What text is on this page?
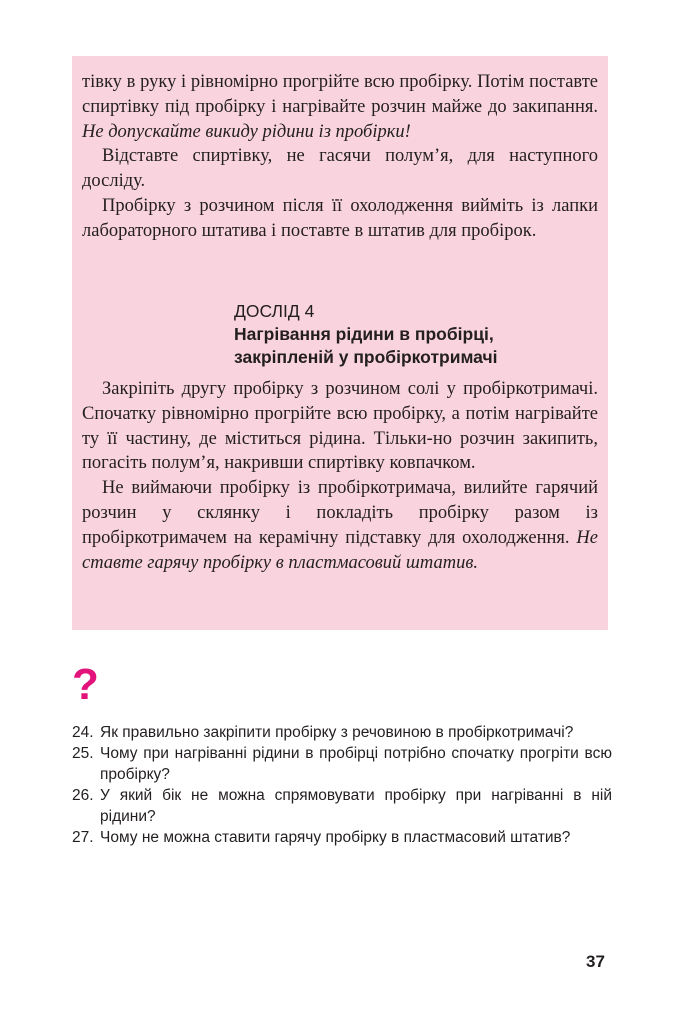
тівку в руку і рівномірно прогрійте всю пробірку. Потім поставте спиртівку під пробірку і нагрівайте розчин майже до закипання. Не допускайте викиду рідини із пробірки!

Відставте спиртівку, не гасячи полум’я, для наступного досліду.

Пробірку з розчином після її охолодження вийміть із лапки лабораторного штатива і поставте в штатив для пробірок.

ДОСЛІД 4
Нагрівання рідини в пробірці, закріпленій у пробіркотримачі

Закріпіть другу пробірку з розчином солі у пробіркотримачі. Спочатку рівномірно прогрійте всю пробірку, а потім нагрівайте ту її частину, де міститься рідина. Тільки-но розчин закипить, погасіть полум’я, накривши спиртівку ковпачком.

Не виймаючи пробірку із пробіркотримача, вилийте гарячий розчин у склянку і покладіть пробірку разом із пробіркотримачем на керамічну підставку для охолодження. Не ставте гарячу пробірку в пластмасовий штатив.

?
24. Як правильно закріпити пробірку з речовиною в пробіркотримачі?
25. Чому при нагріванні рідини в пробірці потрібно спочатку прогріти всю пробірку?
26. У який бік не можна спрямовувати пробірку при нагріванні в ній рідини?
27. Чому не можна ставити гарячу пробірку в пластмасовий штатив?
37
